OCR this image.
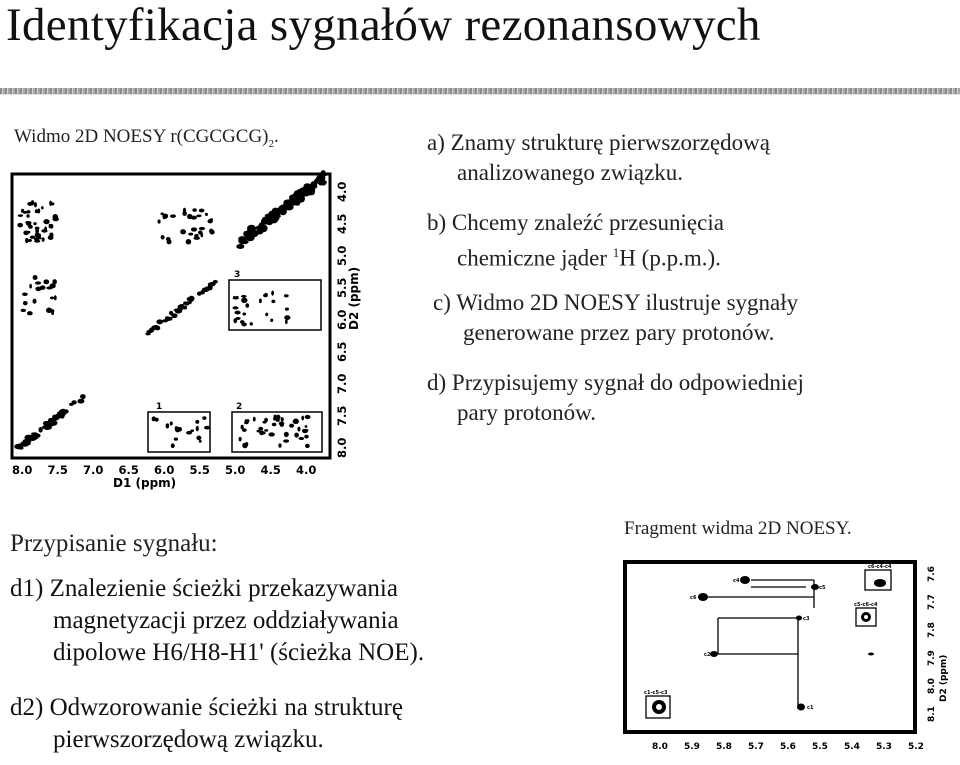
Identyfikacja sygnałów rezonansowych
Widmo 2D NOESY $r(CGCGCG)_2$.
1	2
3
8.0 7.5 7.0 6.5 6.0 5.5 5.0 4.5 4.0
D1 (ppm)
8.0
7.5
7.0
6.5
6.0
5.5
5.0
4.5
4.0
D2 (ppm)
a) Znamy strukturę pierwszorzędową
analizowanego związku.
b) Chcemy znaleźć przesunięcia
chemiczne jąder $^1$H (p.p.m.).
c) Widmo 2D NOESY ilustruje sygnały
generowane przez pary protonów.
d) Przypisujemy sygnał do odpowiedniej
pary protonów.
Przypisanie sygnału:
d1) Znalezienie ścieżki przekazywania
magnetyzacji przez oddziaływania
dipolowe H6/H8-H1' (ścieżka NOE).
d2) Odwzorowanie ścieżki na strukturę
pierwszorzędową związku.
Fragment widma 2D NOESY.
c6
c4
c5
c3
c2
c1
c6-c4-c4
c5-c6-c4
c1-c5-c3
8.0 5.9 5.8 5.7 5.6 5.5 5.4 5.3 5.2
7.6
7.7
7.8
7.9
8.0
8.1
D2 (ppm)
